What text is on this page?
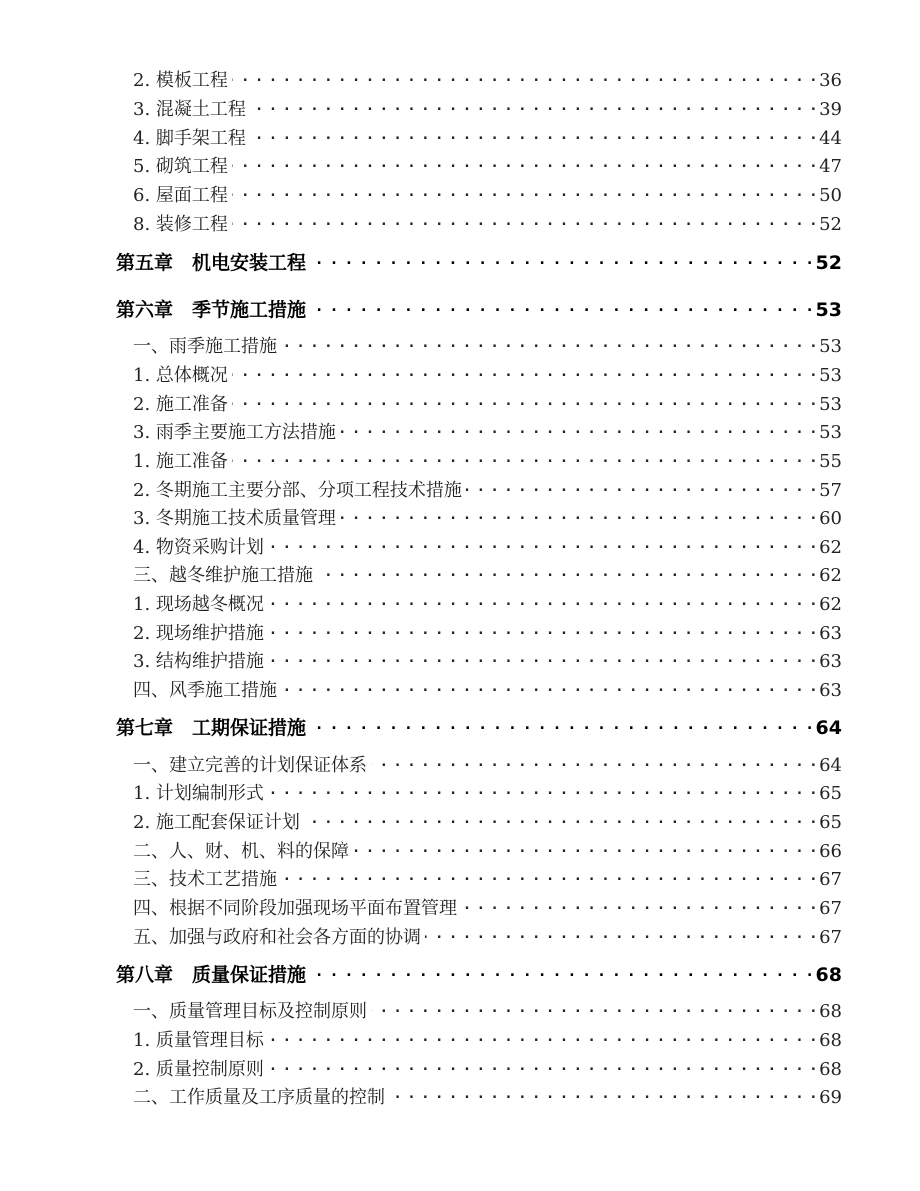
2. 模板工程 . . .	36
3. 混凝土工程 . . .	39
4. 脚手架工程 . . .	44
5. 砌筑工程 . . .	47
6. 屋面工程 . . .	50
8. 装修工程 . . .	52
第五章　机电安装工程 . . .	52
第六章　季节施工措施 . . .	53
一、雨季施工措施 . . .	53
1. 总体概况 . . .	53
2. 施工准备 . . .	53
3. 雨季主要施工方法措施 . . .	53
1. 施工准备 . . .	55
2. 冬期施工主要分部、分项工程技术措施 . . .	57
3. 冬期施工技术质量管理 . . .	60
4. 物资采购计划 . . .	62
三、越冬维护施工措施 . . .	62
1. 现场越冬概况 . . .	62
2. 现场维护措施 . . .	63
3. 结构维护措施 . . .	63
四、风季施工措施 . . .	63
第七章　工期保证措施 . . .	64
一、建立完善的计划保证体系 . . .	64
1. 计划编制形式 . . .	65
2. 施工配套保证计划 . . .	65
二、人、财、机、料的保障 . . .	66
三、技术工艺措施 . . .	67
四、根据不同阶段加强现场平面布置管理 . . .	67
五、加强与政府和社会各方面的协调 . . .	67
第八章　质量保证措施 . . .	68
一、质量管理目标及控制原则 . . .	68
1. 质量管理目标 . . .	68
2. 质量控制原则 . . .	68
二、工作质量及工序质量的控制 . . .	69
